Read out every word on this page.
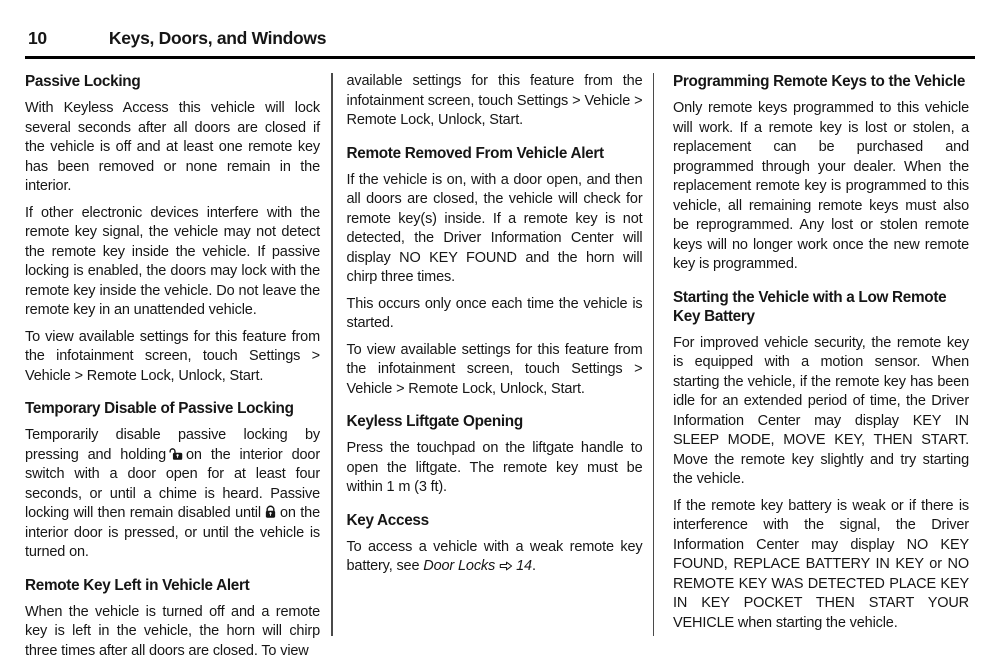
10	Keys, Doors, and Windows
Passive Locking

With Keyless Access this vehicle will lock several seconds after all doors are closed if the vehicle is off and at least one remote key has been removed or none remain in the interior.

If other electronic devices interfere with the remote key signal, the vehicle may not detect the remote key inside the vehicle. If passive locking is enabled, the doors may lock with the remote key inside the vehicle. Do not leave the remote key in an unattended vehicle.

To view available settings for this feature from the infotainment screen, touch Settings > Vehicle > Remote Lock, Unlock, Start.

Temporary Disable of Passive Locking

Temporarily disable passive locking by pressing and holding on the interior door switch with a door open for at least four seconds, or until a chime is heard. Passive locking will then remain disabled until on the interior door is pressed, or until the vehicle is turned on.

Remote Key Left in Vehicle Alert

When the vehicle is turned off and a remote key is left in the vehicle, the horn will chirp three times after all doors are closed. To view

available settings for this feature from the infotainment screen, touch Settings > Vehicle > Remote Lock, Unlock, Start.

Remote Removed From Vehicle Alert

If the vehicle is on, with a door open, and then all doors are closed, the vehicle will check for remote key(s) inside. If a remote key is not detected, the Driver Information Center will display NO KEY FOUND and the horn will chirp three times.

This occurs only once each time the vehicle is started.

To view available settings for this feature from the infotainment screen, touch Settings > Vehicle > Remote Lock, Unlock, Start.

Keyless Liftgate Opening

Press the touchpad on the liftgate handle to open the liftgate. The remote key must be within 1 m (3 ft).

Key Access

To access a vehicle with a weak remote key battery, see Door Locks 14.

Programming Remote Keys to the Vehicle

Only remote keys programmed to this vehicle will work. If a remote key is lost or stolen, a replacement can be purchased and programmed through your dealer. When the replacement remote key is programmed to this vehicle, all remaining remote keys must also be reprogrammed. Any lost or stolen remote keys will no longer work once the new remote key is programmed.

Starting the Vehicle with a Low Remote Key Battery

For improved vehicle security, the remote key is equipped with a motion sensor. When starting the vehicle, if the remote key has been idle for an extended period of time, the Driver Information Center may display KEY IN SLEEP MODE, MOVE KEY, THEN START. Move the remote key slightly and try starting the vehicle.

If the remote key battery is weak or if there is interference with the signal, the Driver Information Center may display NO KEY FOUND, REPLACE BATTERY IN KEY or NO REMOTE KEY WAS DETECTED PLACE KEY IN KEY POCKET THEN START YOUR VEHICLE when starting the vehicle.
